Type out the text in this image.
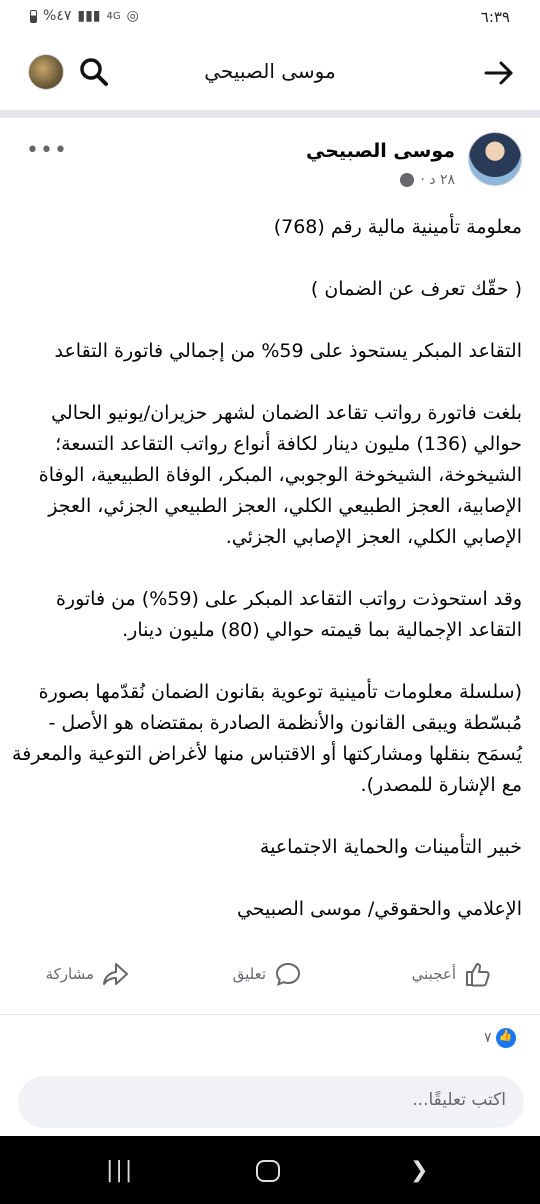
%٤٧ ▮▮▮ 4G ◎	٦:٣٩
موسى الصبيحي
موسى الصبيحي
٢٨ د ·
•••

معلومة تأمينية مالية رقم (768)

( حقّك تعرف عن الضمان )

التقاعد المبكر يستحوذ على 59% من إجمالي فاتورة التقاعد

بلغت فاتورة رواتب تقاعد الضمان لشهر حزيران/يونيو الحالي حوالي (136) مليون دينار لكافة أنواع رواتب التقاعد التسعة؛ الشيخوخة، الشيخوخة الوجوبي، المبكر، الوفاة الطبيعية، الوفاة الإصابية، العجز الطبيعي الكلي، العجز الطبيعي الجزئي، العجز الإصابي الكلي، العجز الإصابي الجزئي.

وقد استحوذت رواتب التقاعد المبكر على (59%) من فاتورة التقاعد الإجمالية بما قيمته حوالي (80) مليون دينار.

(سلسلة معلومات تأمينية توعوية بقانون الضمان نُقدّمها بصورة مُبسّطة ويبقى القانون والأنظمة الصادرة بمقتضاه هو الأصل - يُسمَح بنقلها ومشاركتها أو الاقتباس منها لأغراض التوعية والمعرفة مع الإشارة للمصدر).

خبير التأمينات والحماية الاجتماعية

الإعلامي والحقوقي/ موسى الصبيحي

أعجبني
تعليق
مشاركة
٧
👍
اكتب تعليقًا...
|||	❯
